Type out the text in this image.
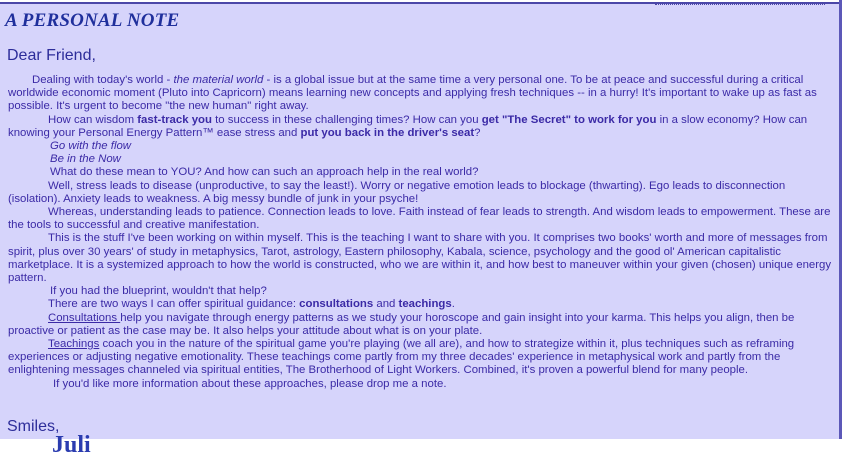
A PERSONAL NOTE

Dear Friend,

Dealing with today's world - the material world - is a global issue but at the same time a very personal one. To be at peace and successful during a critical worldwide economic moment (Pluto into Capricorn) means learning new concepts and applying fresh techniques -- in a hurry! It's important to wake up as fast as possible. It's urgent to become "the new human" right away.

How can wisdom fast-track you to success in these challenging times? How can you get "The Secret" to work for you in a slow economy? How can knowing your Personal Energy Pattern™ ease stress and put you back in the driver's seat?

Go with the flow

Be in the Now

What do these mean to YOU? And how can such an approach help in the real world?

Well, stress leads to disease (unproductive, to say the least!). Worry or negative emotion leads to blockage (thwarting). Ego leads to disconnection (isolation). Anxiety leads to weakness. A big messy bundle of junk in your psyche!

Whereas, understanding leads to patience. Connection leads to love. Faith instead of fear leads to strength. And wisdom leads to empowerment. These are the tools to successful and creative manifestation.

This is the stuff I've been working on within myself. This is the teaching I want to share with you. It comprises two books' worth and more of messages from spirit, plus over 30 years' of study in metaphysics, Tarot, astrology, Eastern philosophy, Kabala, science, psychology and the good ol' American capitalistic marketplace. It is a systemized approach to how the world is constructed, who we are within it, and how best to maneuver within your given (chosen) unique energy pattern.

If you had the blueprint, wouldn't that help?

There are two ways I can offer spiritual guidance: consultations and teachings.

Consultations help you navigate through energy patterns as we study your horoscope and gain insight into your karma. This helps you align, then be proactive or patient as the case may be. It also helps your attitude about what is on your plate.

Teachings coach you in the nature of the spiritual game you're playing (we all are), and how to strategize within it, plus techniques such as reframing experiences or adjusting negative emotionality. These teachings come partly from my three decades' experience in metaphysical work and partly from the enlightening messages channeled via spiritual entities, The Brotherhood of Light Workers. Combined, it's proven a powerful blend for many people.

If you'd like more information about these approaches, please drop me a note.

Smiles,

Juli
